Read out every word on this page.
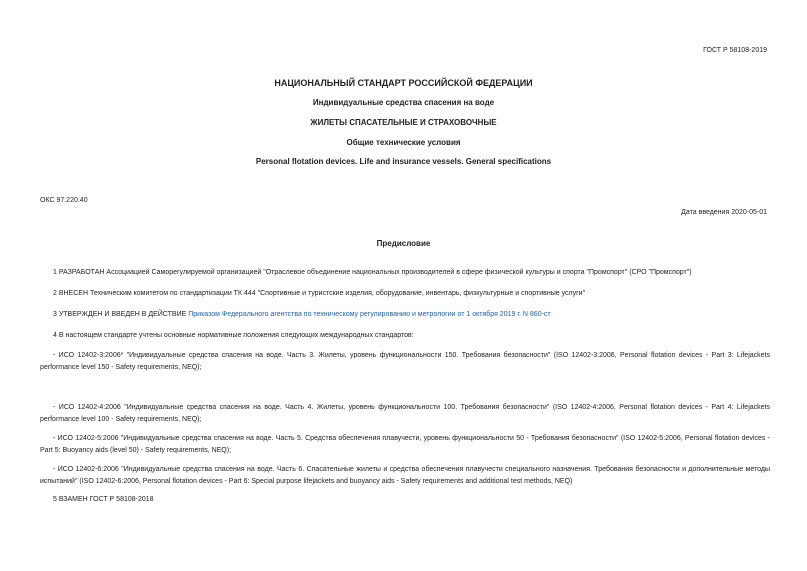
ГОСТ Р 58108-2019
НАЦИОНАЛЬНЫЙ СТАНДАРТ РОССИЙСКОЙ ФЕДЕРАЦИИ
Индивидуальные средства спасения на воде
ЖИЛЕТЫ СПАСАТЕЛЬНЫЕ И СТРАХОВОЧНЫЕ
Общие технические условия
Personal flotation devices. Life and insurance vessels. General specifications
ОКС 97.220.40
Дата введения 2020-05-01
Предисловие
1 РАЗРАБОТАН Ассоциацией Саморегулируемой организацией "Отраслевое объединение национальных производителей в сфере физической культуры и спорта "Промспорт" (СРО "Промспорт")
2 ВНЕСЕН Техническим комитетом по стандартизации ТК 444 "Спортивные и туристские изделия, оборудование, инвентарь, физкультурные и спортивные услуги"
3 УТВЕРЖДЕН И ВВЕДЕН В ДЕЙСТВИЕ Приказом Федерального агентства по техническому регулированию и метрологии от 1 октября 2019 г. N 860-ст
4 В настоящем стандарте учтены основные нормативные положения следующих международных стандартов:
- ИСО 12402-3:2006* "Индивидуальные средства спасения на воде. Часть 3. Жилеты, уровень функциональности 150. Требования безопасности" (ISO 12402-3:2006, Personal flotation devices - Part 3: Lifejackets performance level 150 - Safety requirements, NEQ);
- ИСО 12402-4:2006 "Индивидуальные средства спасения на воде. Часть 4. Жилеты, уровень функциональности 100. Требования безопасности" (ISO 12402-4:2006, Personal flotation devices - Part 4: Lifejackets performance level 100 - Safety requirements, NEQ);
- ИСО 12402-5:2006 "Индивидуальные средства спасения на воде. Часть 5. Средства обеспечения плавучести, уровень функциональности 50 - Требования безопасности" (ISO 12402-5:2006, Personal flotation devices - Part 5: Buoyancy aids (level 50) - Safety requirements, NEQ);
- ИСО 12402-6:2006 "Индивидуальные средства спасения на воде. Часть 6. Спасательные жилеты и средства обеспечения плавучести специального назначения. Требования безопасности и дополнительные методы испытаний" (ISO 12402-6:2006, Personal flotation devices - Part 6: Special purpose lifejackets and buoyancy aids - Safety requirements and additional test methods, NEQ)
5 ВЗАМЕН ГОСТ Р 58108-2018
